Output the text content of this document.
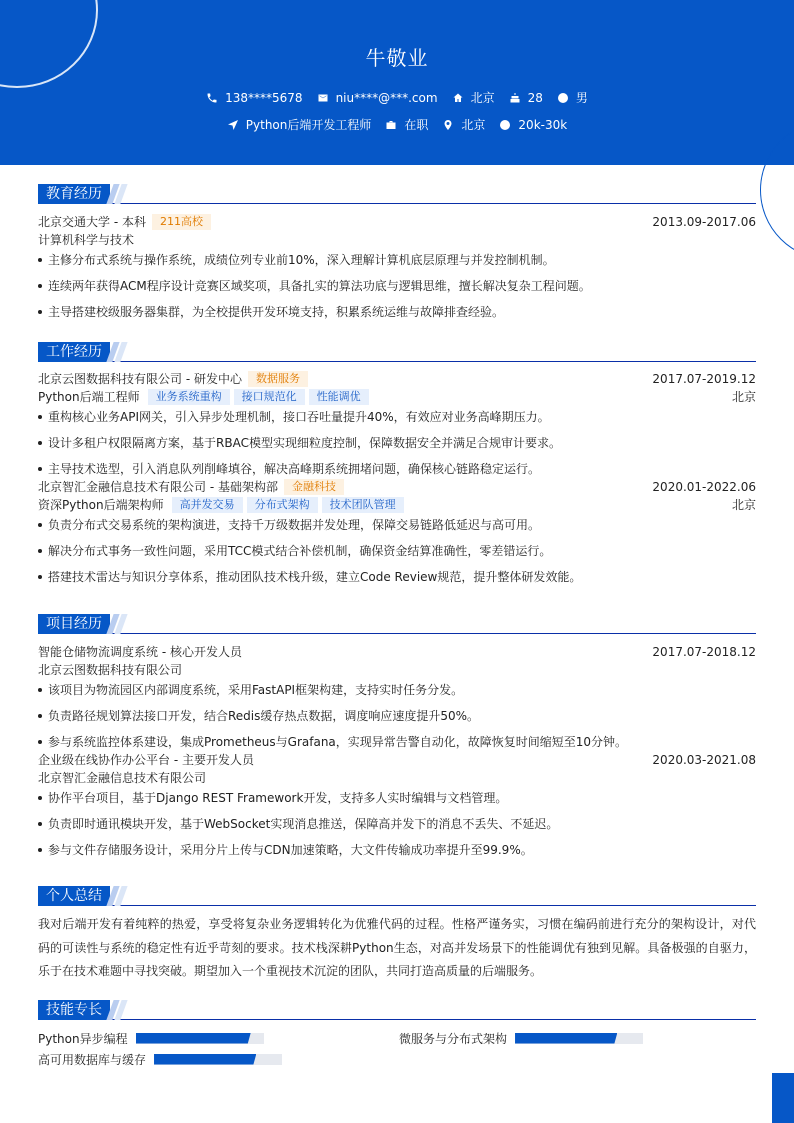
牛敬业
138****5678	niu****@***.com	北京	28	男
Python后端开发工程师	在职	北京	20k-30k
教育经历
北京交通大学 - 本科 211高校	2013.09-2017.06
计算机科学与技术
主修分布式系统与操作系统，成绩位列专业前10%，深入理解计算机底层原理与并发控制机制。
连续两年获得ACM程序设计竞赛区域奖项，具备扎实的算法功底与逻辑思维，擅长解决复杂工程问题。
主导搭建校级服务器集群，为全校提供开发环境支持，积累系统运维与故障排查经验。
工作经历
北京云图数据科技有限公司 - 研发中心 数据服务	2017.07-2019.12
Python后端工程师 业务系统重构 接口规范化 性能调优	北京
重构核心业务API网关，引入异步处理机制，接口吞吐量提升40%，有效应对业务高峰期压力。
设计多租户权限隔离方案，基于RBAC模型实现细粒度控制，保障数据安全并满足合规审计要求。
主导技术选型，引入消息队列削峰填谷，解决高峰期系统拥堵问题，确保核心链路稳定运行。
北京智汇金融信息技术有限公司 - 基础架构部 金融科技	2020.01-2022.06
资深Python后端架构师 高并发交易 分布式架构 技术团队管理	北京
负责分布式交易系统的架构演进，支持千万级数据并发处理，保障交易链路低延迟与高可用。
解决分布式事务一致性问题，采用TCC模式结合补偿机制，确保资金结算准确性，零差错运行。
搭建技术雷达与知识分享体系，推动团队技术栈升级，建立Code Review规范，提升整体研发效能。
项目经历
智能仓储物流调度系统 - 核心开发人员	2017.07-2018.12
北京云图数据科技有限公司
该项目为物流园区内部调度系统，采用FastAPI框架构建，支持实时任务分发。
负责路径规划算法接口开发，结合Redis缓存热点数据，调度响应速度提升50%。
参与系统监控体系建设，集成Prometheus与Grafana，实现异常告警自动化，故障恢复时间缩短至10分钟。
企业级在线协作办公平台 - 主要开发人员	2020.03-2021.08
北京智汇金融信息技术有限公司
协作平台项目，基于Django REST Framework开发，支持多人实时编辑与文档管理。
负责即时通讯模块开发，基于WebSocket实现消息推送，保障高并发下的消息不丢失、不延迟。
参与文件存储服务设计，采用分片上传与CDN加速策略，大文件传输成功率提升至99.9%。
个人总结
我对后端开发有着纯粹的热爱，享受将复杂业务逻辑转化为优雅代码的过程。性格严谨务实，习惯在编码前进行充分的架构设计，对代码的可读性与系统的稳定性有近乎苛刻的要求。技术栈深耕Python生态，对高并发场景下的性能调优有独到见解。具备极强的自驱力，乐于在技术难题中寻找突破。期望加入一个重视技术沉淀的团队，共同打造高质量的后端服务。
技能专长
Python异步编程	微服务与分布式架构
高可用数据库与缓存
